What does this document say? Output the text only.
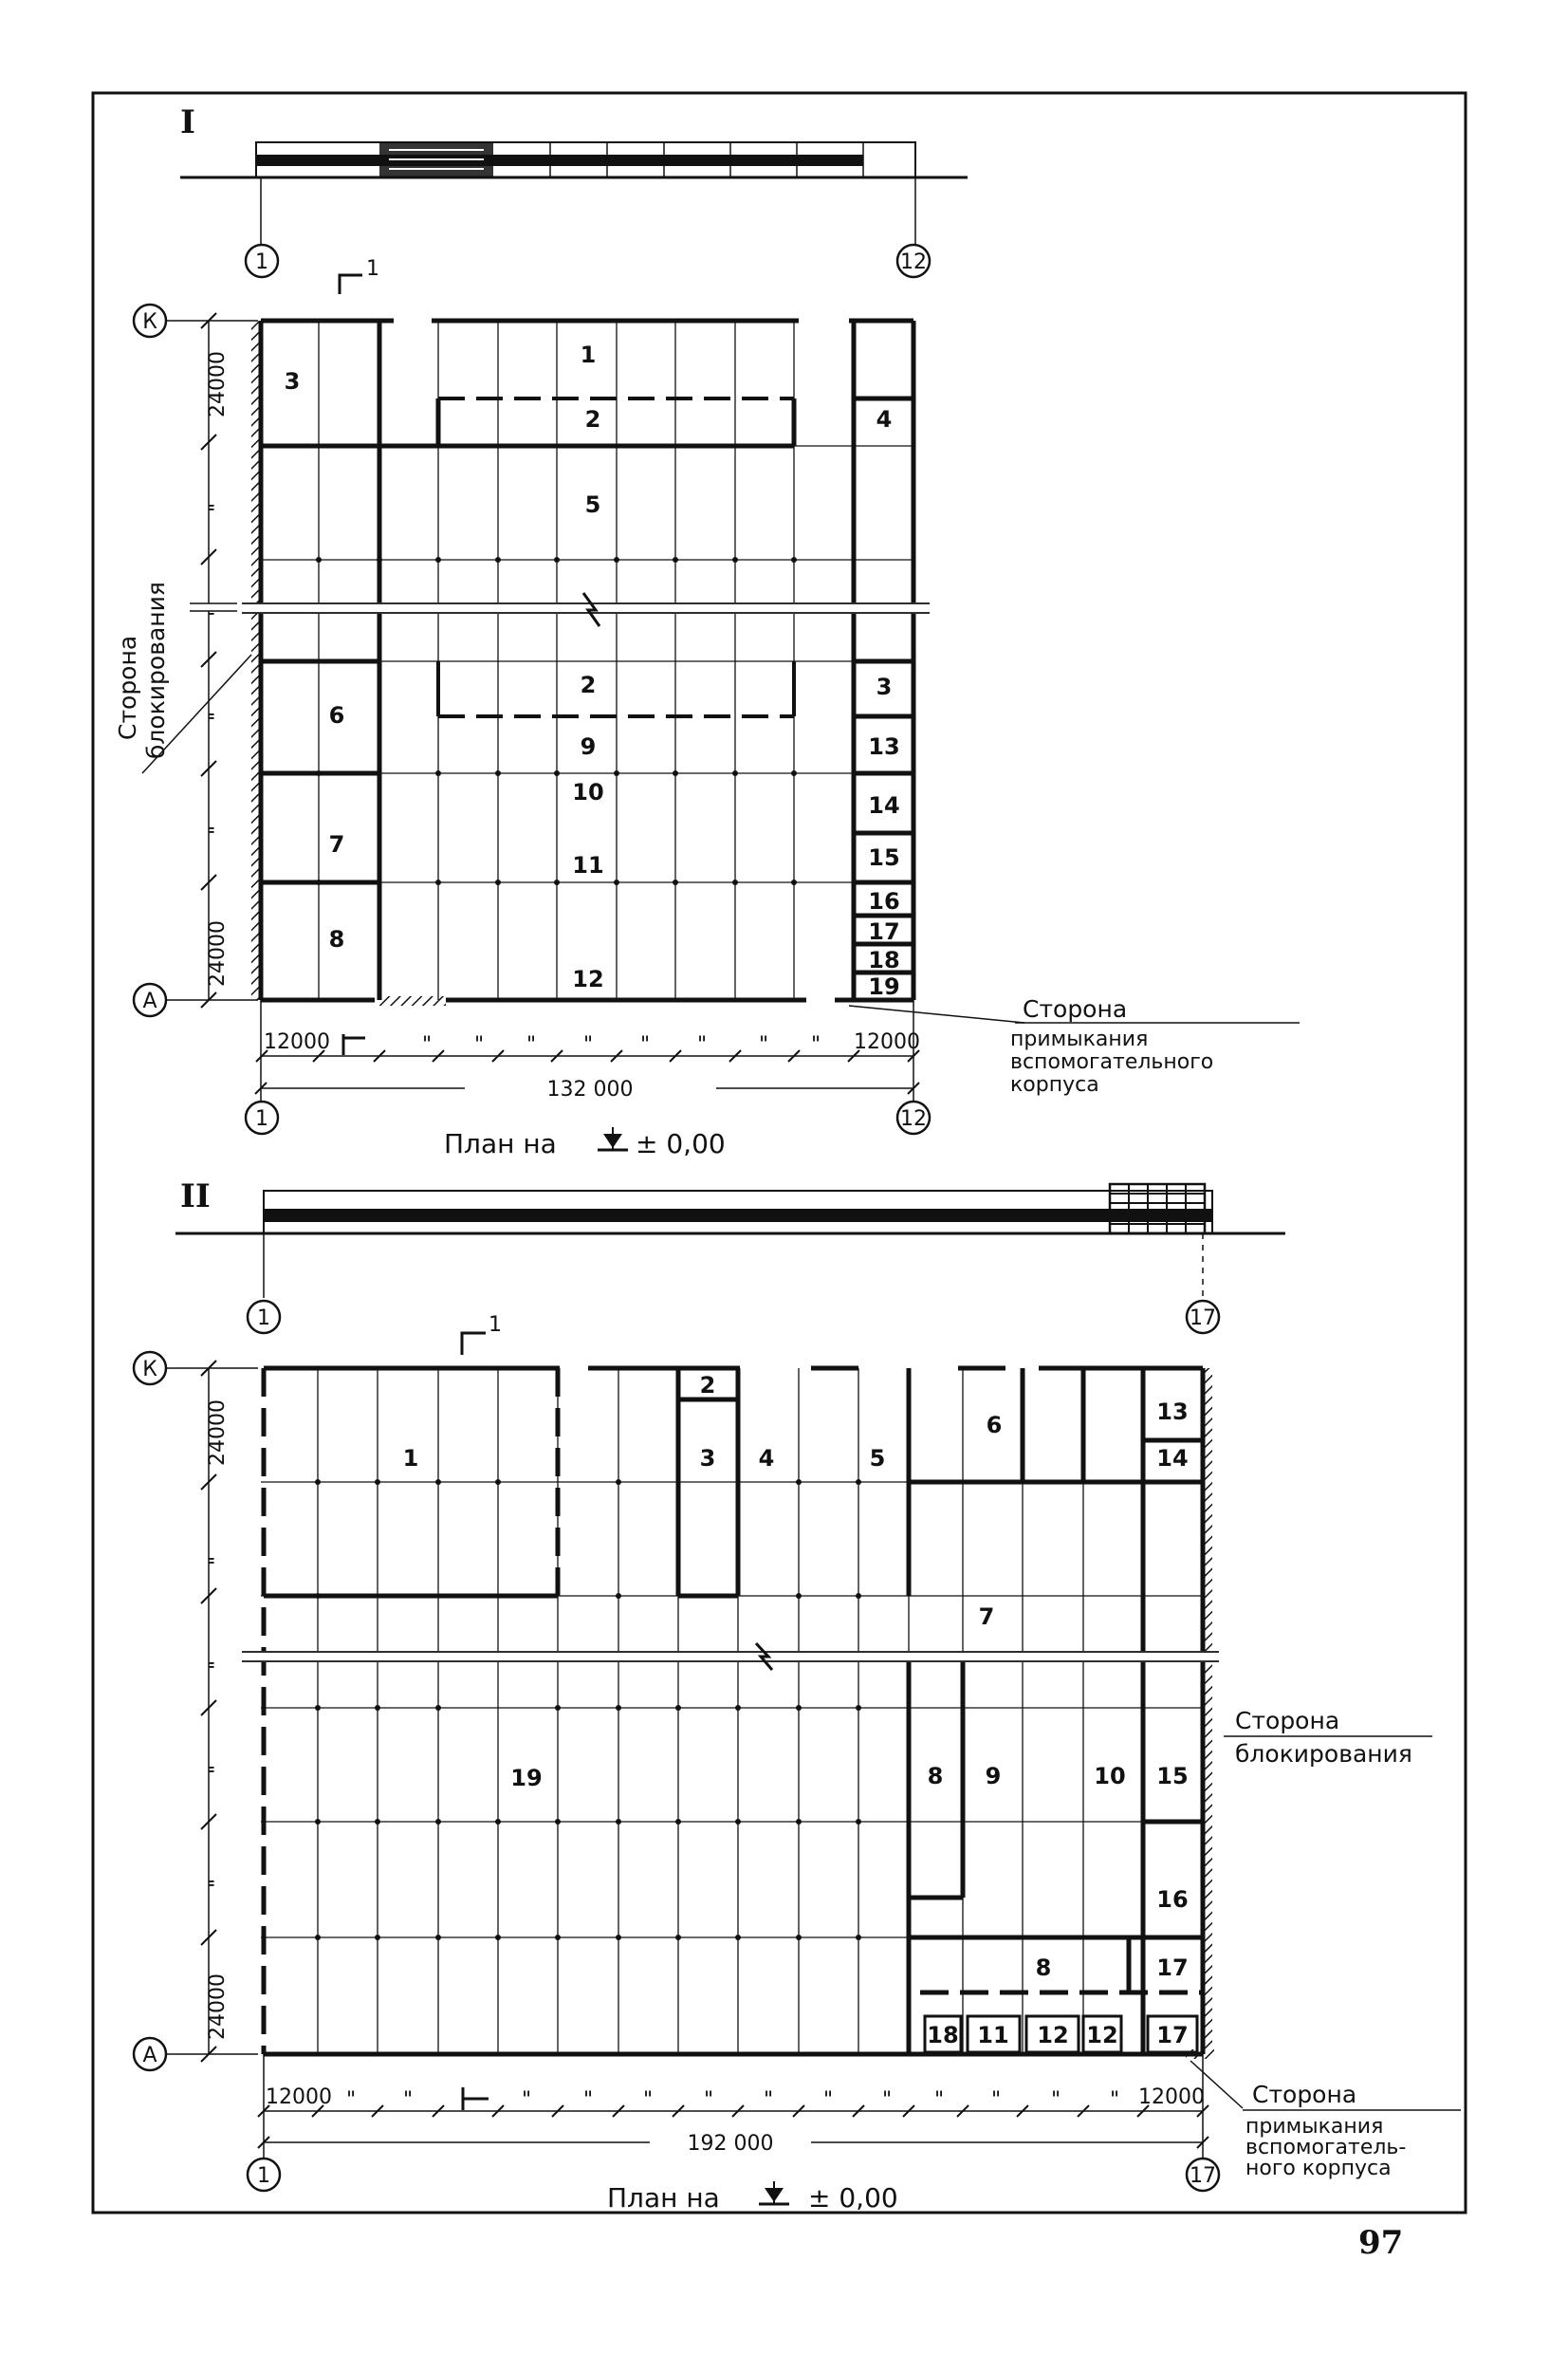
I
1	12
1
К
А
24000
"
"
"
"
24000
Сторона блокирования
1
2
3
4
5
2	3
6
7
8
9
10
11
12
13
14
15
16
17
18
19
12000	12000
" " " " " " " "
132 000
1	12
Сторона
примыкания
вспомогательного
корпуса
План на	± 0,00
II
1	17
1
К
А
24000
"
"
"
"
24000
1
2
3 4	5
6	13
14
7
8 9	10 15
16
8	17
18 11 12 12 17
19
Сторона
блокирования
12000	12000
" "	" " " " " " " " " " "
192 000
1	17
Сторона
примыкания
вспомогатель-
ного корпуса
План на	± 0,00
97
